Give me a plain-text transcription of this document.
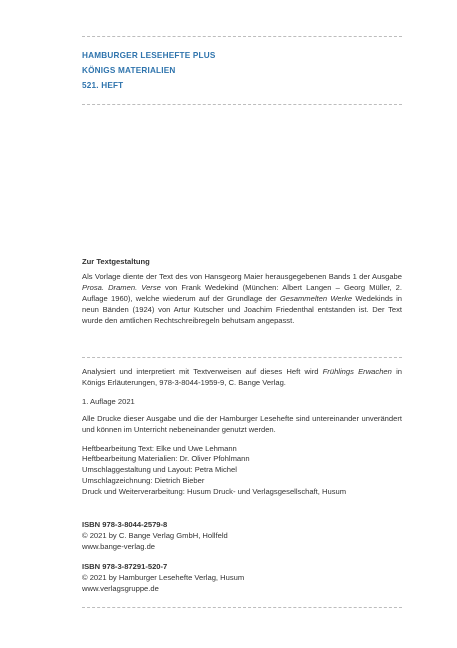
HAMBURGER LESEHEFTE PLUS
KÖNIGS MATERIALIEN
521. HEFT

Zur Textgestaltung

Als Vorlage diente der Text des von Hansgeorg Maier herausgegebenen Bands 1 der Ausgabe Prosa. Dramen. Verse von Frank Wedekind (München: Albert Langen – Georg Müller, 2. Auflage 1960), welche wiederum auf der Grundlage der Gesammelten Werke Wedekinds in neun Bänden (1924) von Artur Kutscher und Joachim Friedenthal entstanden ist. Der Text wurde den amtlichen Rechtschreibregeln behutsam angepasst.

Analysiert und interpretiert mit Textverweisen auf dieses Heft wird Frühlings Erwachen in Königs Erläuterungen, 978-3-8044-1959-9, C. Bange Verlag.

1. Auflage 2021

Alle Drucke dieser Ausgabe und die der Hamburger Lesehefte sind untereinander unverändert und können im Unterricht nebeneinander genutzt werden.

Heftbearbeitung Text: Elke und Uwe Lehmann
Heftbearbeitung Materialien: Dr. Oliver Pfohlmann
Umschlaggestaltung und Layout: Petra Michel
Umschlagzeichnung: Dietrich Bieber
Druck und Weiterverarbeitung: Husum Druck- und Verlagsgesellschaft, Husum

ISBN 978-3-8044-2579-8
© 2021 by C. Bange Verlag GmbH, Hollfeld
www.bange-verlag.de
ISBN 978-3-87291-520-7
© 2021 by Hamburger Lesehefte Verlag, Husum
www.verlagsgruppe.de
